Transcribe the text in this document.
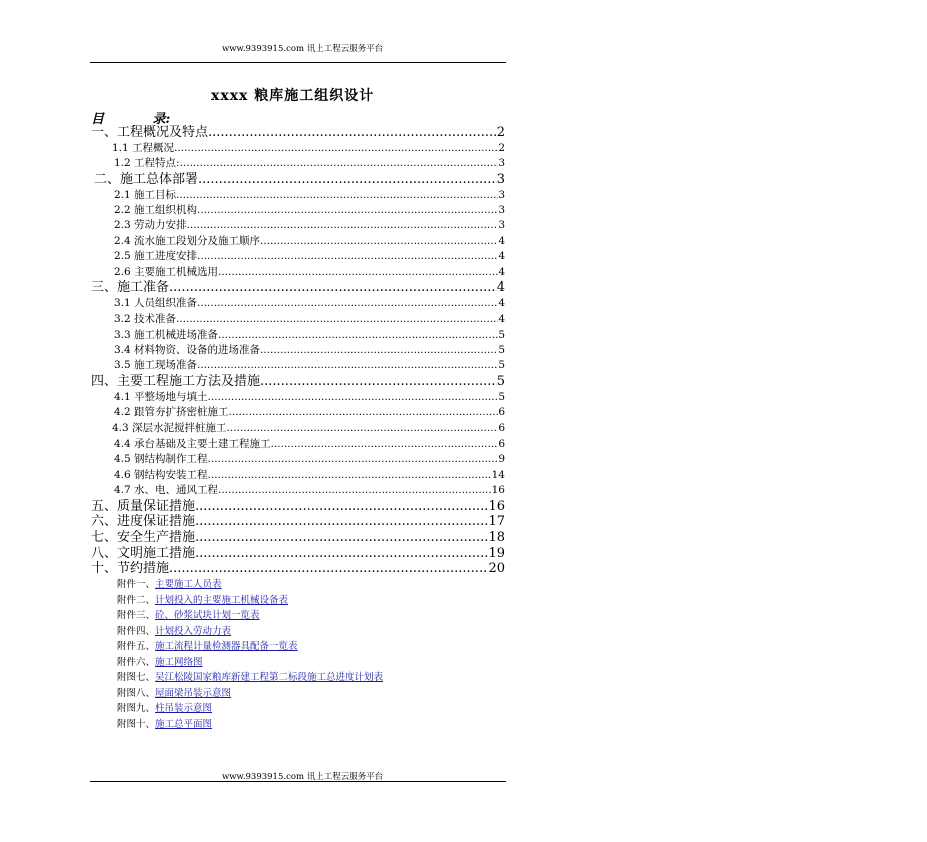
www.9393915.com 讯上工程云服务平台
xxxx 粮库施工组织设计
目 录:
一、工程概况及特点 .....	2
1.1 工程概况 .....	2
1.2 工程特点: .....	3
二、施工总体部署 .....	3
2.1 施工目标 .....	3
2.2 施工组织机构 .....	3
2.3 劳动力安排 .....	3
2.4 流水施工段划分及施工顺序 .....	4
2.5 施工进度安排 .....	4
2.6 主要施工机械选用 .....	4
三、施工准备 .....	4
3.1 人员组织准备 .....	4
3.2 技术准备 .....	4
3.3 施工机械进场准备 .....	5
3.4 材料物资、设备的进场准备 .....	5
3.5 施工现场准备 .....	5
四、主要工程施工方法及措施 .....	5
4.1 平整场地与填土 .....	5
4.2 跟管夯扩挤密桩施工 .....	6
4.3 深层水泥搅拌桩施工 .....	6
4.4 承台基础及主要土建工程施工 .....	6
4.5 钢结构制作工程 .....	9
4.6 钢结构安装工程 .....	14
4.7 水、电、通风工程 .....	16
五、质量保证措施 .....	16
六、进度保证措施 .....	17
七、安全生产措施 .....	18
八、文明施工措施 .....	19
十、节约措施 .....	20
附件一、主要施工人员表
附件二、计划投入的主要施工机械设备表
附件三、砼、砂浆试块计划一览表
附件四、计划投入劳动力表
附件五、施工流程计量检测器具配备一览表
附件六、施工网络图
附图七、吴江松陵国家粮库新建工程第二标段施工总进度计划表
附图八、屋面梁吊装示意图
附图九、柱吊装示意图
附图十、施工总平面图
www.9393915.com 讯上工程云服务平台
